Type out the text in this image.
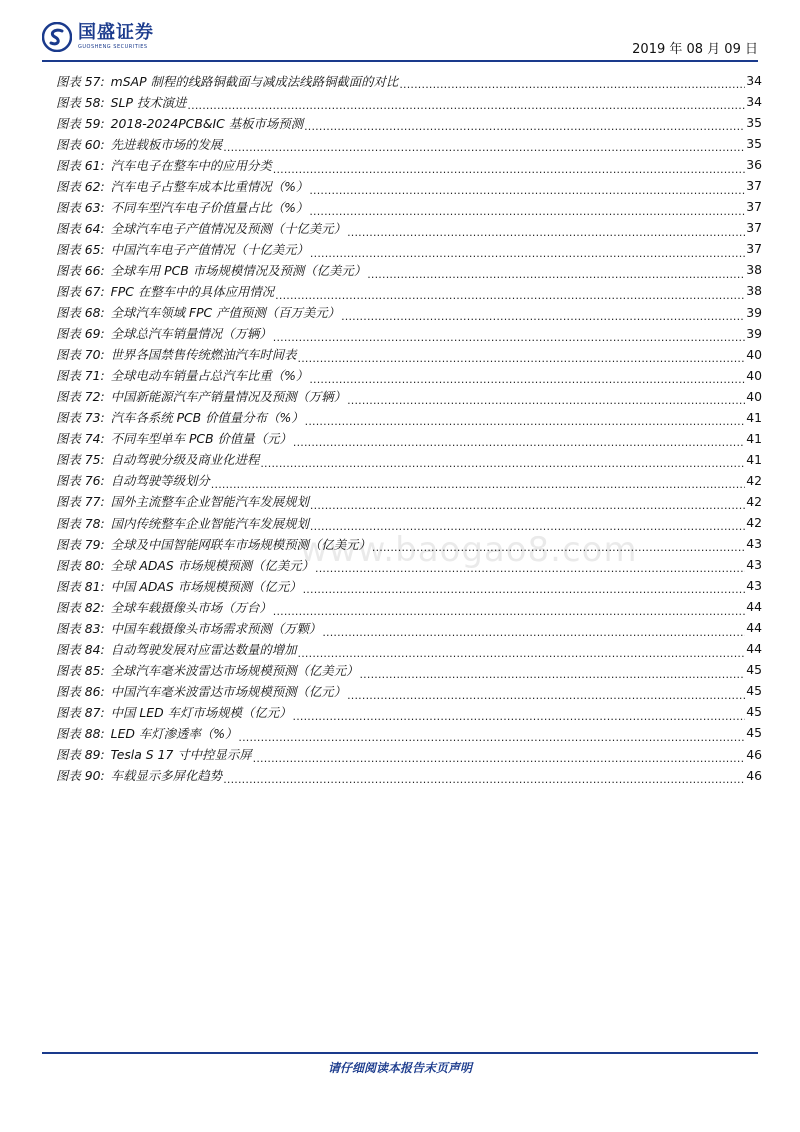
国盛证券
GUOSHENG SECURITIES	2019 年 08 月 09 日
图表 57: mSAP 制程的线路铜截面与减成法线路铜截面的对比 .....	34
图表 58: SLP 技术演进 .....	34
图表 59: 2018-2024PCB&IC 基板市场预测 .....	35
图表 60: 先进载板市场的发展 .....	35
图表 61: 汽车电子在整车中的应用分类 .....	36
图表 62: 汽车电子占整车成本比重情况（%） .....	37
图表 63: 不同车型汽车电子价值量占比（%） .....	37
图表 64: 全球汽车电子产值情况及预测（十亿美元） .....	37
图表 65: 中国汽车电子产值情况（十亿美元） .....	37
图表 66: 全球车用 PCB 市场规模情况及预测（亿美元） .....	38
图表 67: FPC 在整车中的具体应用情况 .....	38
图表 68: 全球汽车领域 FPC 产值预测（百万美元） .....	39
图表 69: 全球总汽车销量情况（万辆） .....	39
图表 70: 世界各国禁售传统燃油汽车时间表 .....	40
图表 71: 全球电动车销量占总汽车比重（%） .....	40
图表 72: 中国新能源汽车产销量情况及预测（万辆） .....	40
图表 73: 汽车各系统 PCB 价值量分布（%） .....	41
图表 74: 不同车型单车 PCB 价值量（元） .....	41
图表 75: 自动驾驶分级及商业化进程 .....	41
图表 76: 自动驾驶等级划分 .....	42
图表 77: 国外主流整车企业智能汽车发展规划 .....	42
图表 78: 国内传统整车企业智能汽车发展规划 .....	42
图表 79: 全球及中国智能网联车市场规模预测（亿美元） .....	43
图表 80: 全球 ADAS 市场规模预测（亿美元） .....	43
图表 81: 中国 ADAS 市场规模预测（亿元） .....	43
图表 82: 全球车载摄像头市场（万台） .....	44
图表 83: 中国车载摄像头市场需求预测（万颗） .....	44
图表 84: 自动驾驶发展对应雷达数量的增加 .....	44
图表 85: 全球汽车毫米波雷达市场规模预测（亿美元） .....	45
图表 86: 中国汽车毫米波雷达市场规模预测（亿元） .....	45
图表 87: 中国 LED 车灯市场规模（亿元） .....	45
图表 88: LED 车灯渗透率（%） .....	45
图表 89: Tesla S 17 寸中控显示屏 .....	46
图表 90: 车载显示多屏化趋势 .....	46
www.baogao8.com
请仔细阅读本报告末页声明
